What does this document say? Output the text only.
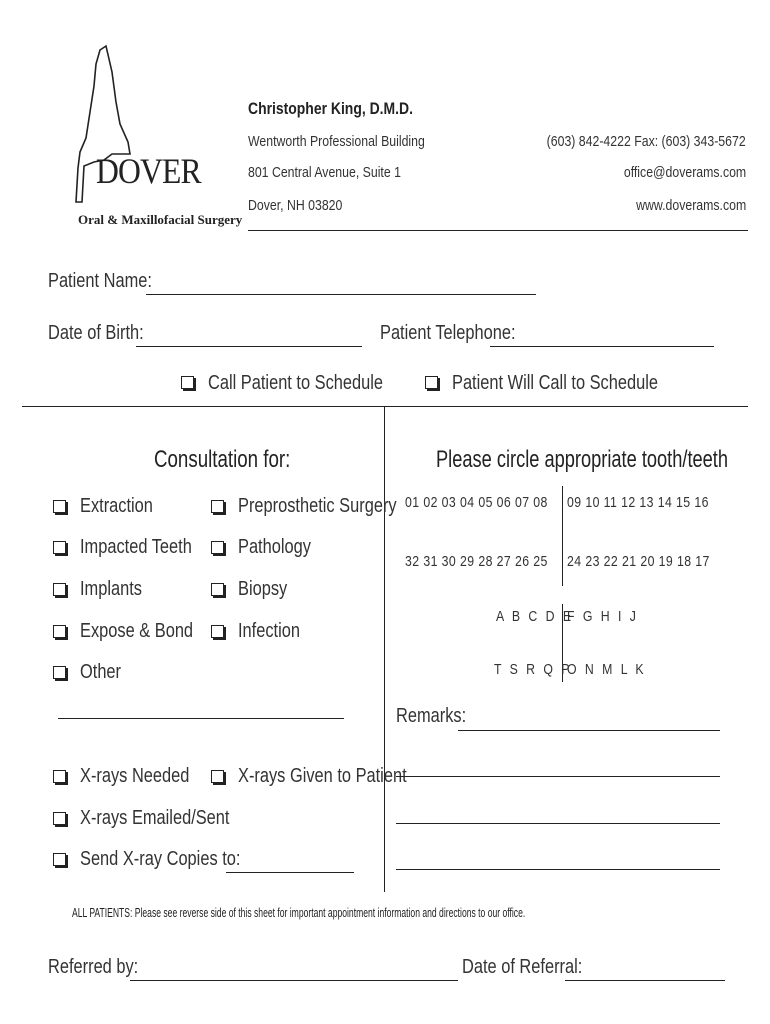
DOVER
Oral & Maxillofacial Surgery
Christopher King, D.M.D.
Wentworth Professional Building
801 Central Avenue, Suite 1
Dover, NH 03820
(603) 842-4222 Fax: (603) 343-5672
office@doverams.com
www.doverams.com
Patient Name:
Date of Birth:	Patient Telephone:
Call Patient to Schedule	Patient Will Call to Schedule
Consultation for:
Extraction
Impacted Teeth
Implants
Expose & Bond
Other
Preprosthetic Surgery
Pathology
Biopsy
Infection
X-rays Needed X-rays Given to Patient
X-rays Emailed/Sent
Send X-ray Copies to:
Please circle appropriate tooth/teeth
01 02 03 04 05 06 07 08 09 10 11 12 13 14 15 16
32 31 30 29 28 27 26 25 24 23 22 21 20 19 18 17
A B C D E
F G H I J
T S R Q P
O N M L K
Remarks:
ALL PATIENTS: Please see reverse side of this sheet for important appointment information and directions to our office.
Referred by:	Date of Referral:
